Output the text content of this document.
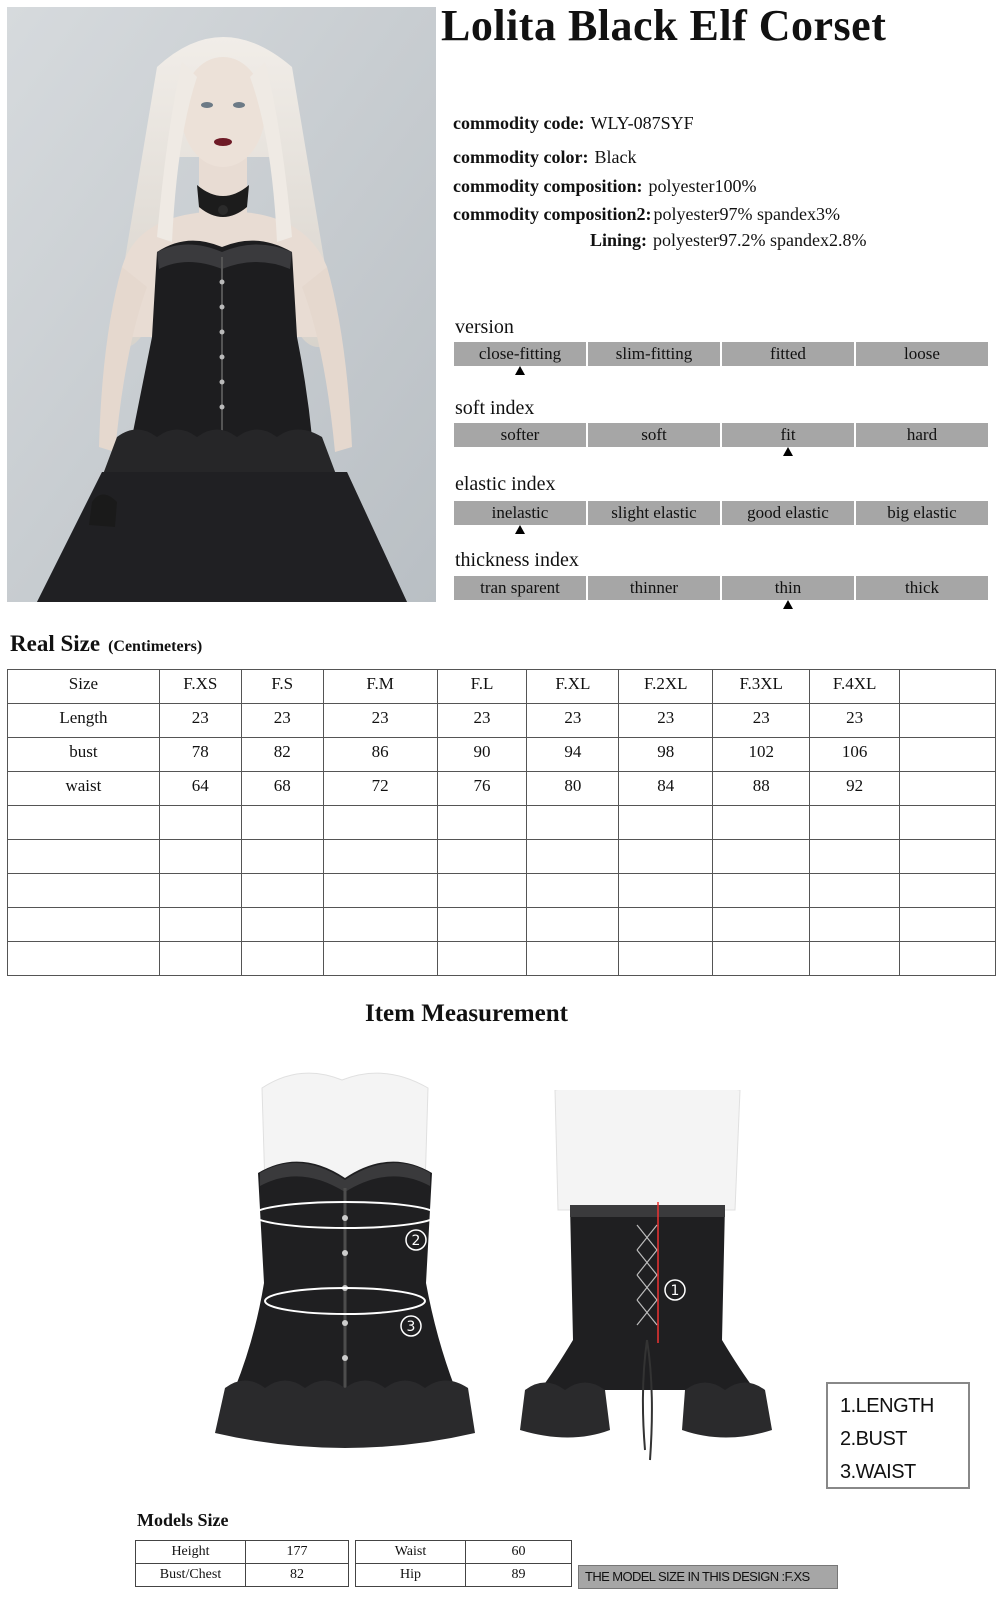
Lolita Black Elf Corset
commodity code: WLY-087SYF
commodity color: Black
commodity composition: polyester100%
commodity composition2: polyester97% spandex3%
Lining: polyester97.2% spandex2.8%
version
close-fitting	slim-fitting	fitted	loose
soft index
softer	soft	fit	hard
elastic index
inelastic	slight elastic	good elastic	big elastic
thickness index
tran sparent	thinner	thin	thick
Real Size (Centimeters)
Size	F.XS	F.S	F.M	F.L	F.XL	F.2XL	F.3XL	F.4XL	
Length	23	23	23	23	23	23	23	23	
bust	78	82	86	90	94	98	102	106	
waist	64	68	72	76	80	84	88	92	

Item Measurement
2
3
1
1.LENGTH
2.BUST
3.WAIST
Models Size
Height	177
Bust/Chest	82
Waist	60
Hip	89	THE MODEL SIZE IN THIS DESIGN :F.XS
